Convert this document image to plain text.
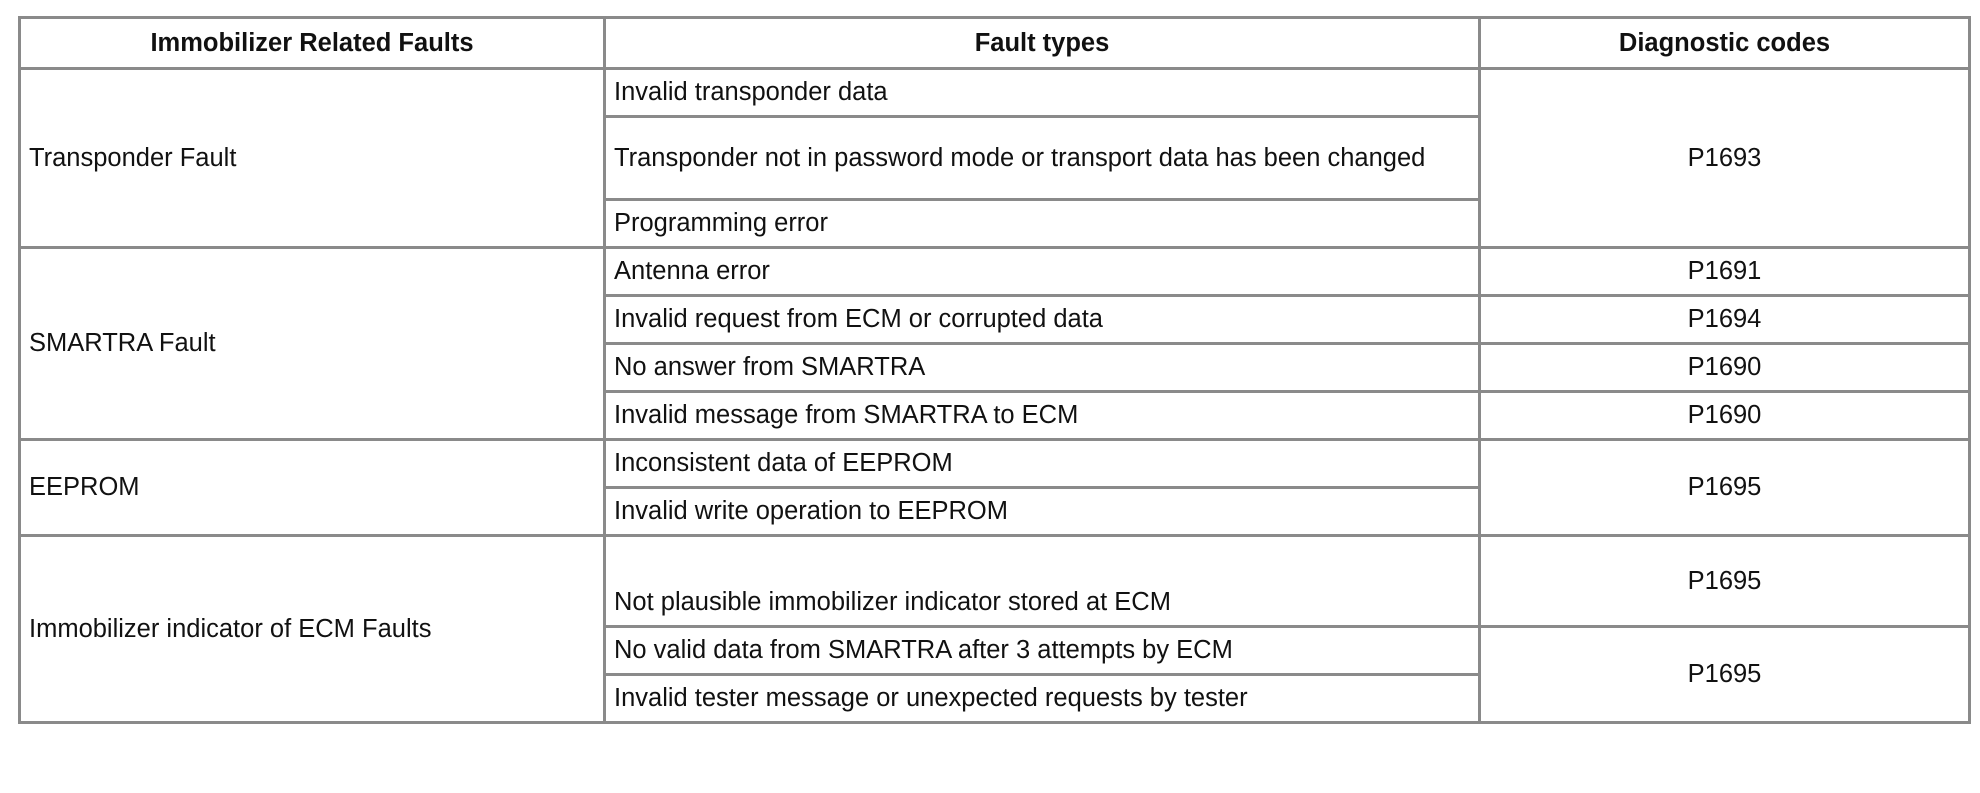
Immobilizer Related Faults	Fault types	Diagnostic codes
Transponder Fault	Invalid transponder data	P1693
	Transponder not in password mode or transport data has been changed	
	Programming error	
SMARTRA Fault	Antenna error	P1691
	Invalid request from ECM or corrupted data	P1694
	No answer from SMARTRA	P1690
	Invalid message from SMARTRA to ECM	P1690
EEPROM	Inconsistent data of EEPROM	P1695
	Invalid write operation to EEPROM	
Immobilizer indicator of ECM Faults	Not plausible immobilizer indicator stored at ECM	P1695
	No valid data from SMARTRA after 3 attempts by ECM	P1695
	Invalid tester message or unexpected requests by tester	
